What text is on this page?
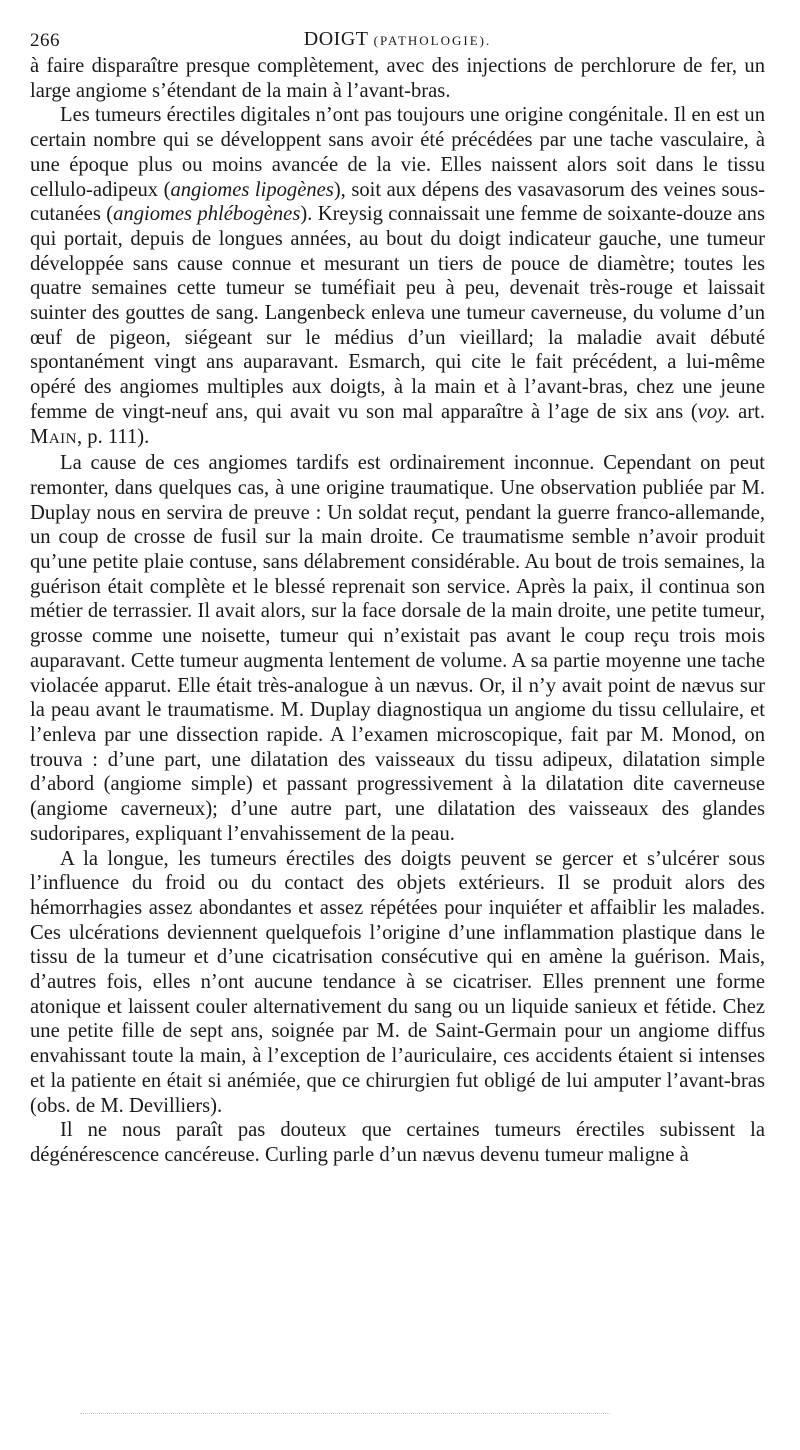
266	DOIGT (PATHOLOGIE).

à faire disparaître presque complètement, avec des injections de perchlorure de fer, un large angiome s’étendant de la main à l’avant-bras.

Les tumeurs érectiles digitales n’ont pas toujours une origine congénitale. Il en est un certain nombre qui se développent sans avoir été précédées par une tache vasculaire, à une époque plus ou moins avancée de la vie. Elles naissent alors soit dans le tissu cellulo-adipeux (angiomes lipogènes), soit aux dépens des vasavasorum des veines sous-cutanées (angiomes phlébogènes). Kreysig connaissait une femme de soixante-douze ans qui portait, depuis de longues années, au bout du doigt indicateur gauche, une tumeur développée sans cause connue et mesurant un tiers de pouce de diamètre; toutes les quatre semaines cette tumeur se tuméfiait peu à peu, devenait très-rouge et laissait suinter des gouttes de sang. Langenbeck enleva une tumeur caverneuse, du volume d’un œuf de pigeon, siégeant sur le médius d’un vieillard; la maladie avait débuté spontanément vingt ans auparavant. Esmarch, qui cite le fait précédent, a lui-même opéré des angiomes multiples aux doigts, à la main et à l’avant-bras, chez une jeune femme de vingt-neuf ans, qui avait vu son mal apparaître à l’age de six ans (voy. art. MAIN, p. 111).

La cause de ces angiomes tardifs est ordinairement inconnue. Cependant on peut remonter, dans quelques cas, à une origine traumatique. Une observation publiée par M. Duplay nous en servira de preuve : Un soldat reçut, pendant la guerre franco-allemande, un coup de crosse de fusil sur la main droite. Ce traumatisme semble n’avoir produit qu’une petite plaie contuse, sans délabrement considérable. Au bout de trois semaines, la guérison était complète et le blessé reprenait son service. Après la paix, il continua son métier de terrassier. Il avait alors, sur la face dorsale de la main droite, une petite tumeur, grosse comme une noisette, tumeur qui n’existait pas avant le coup reçu trois mois auparavant. Cette tumeur augmenta lentement de volume. A sa partie moyenne une tache violacée apparut. Elle était très-analogue à un nævus. Or, il n’y avait point de nævus sur la peau avant le traumatisme. M. Duplay diagnostiqua un angiome du tissu cellulaire, et l’enleva par une dissection rapide. A l’examen microscopique, fait par M. Monod, on trouva : d’une part, une dilatation des vaisseaux du tissu adipeux, dilatation simple d’abord (angiome simple) et passant progressivement à la dilatation dite caverneuse (angiome caverneux); d’une autre part, une dilatation des vaisseaux des glandes sudoripares, expliquant l’envahissement de la peau.

A la longue, les tumeurs érectiles des doigts peuvent se gercer et s’ulcérer sous l’influence du froid ou du contact des objets extérieurs. Il se produit alors des hémorrhagies assez abondantes et assez répétées pour inquiéter et affaiblir les malades. Ces ulcérations deviennent quelquefois l’origine d’une inflammation plastique dans le tissu de la tumeur et d’une cicatrisation consécutive qui en amène la guérison. Mais, d’autres fois, elles n’ont aucune tendance à se cicatriser. Elles prennent une forme atonique et laissent couler alternativement du sang ou un liquide sanieux et fétide. Chez une petite fille de sept ans, soignée par M. de Saint-Germain pour un angiome diffus envahissant toute la main, à l’exception de l’auriculaire, ces accidents étaient si intenses et la patiente en était si anémiée, que ce chirurgien fut obligé de lui amputer l’avant-bras (obs. de M. Devilliers).

Il ne nous paraît pas douteux que certaines tumeurs érectiles subissent la dégénérescence cancéreuse. Curling parle d’un nævus devenu tumeur maligne à
